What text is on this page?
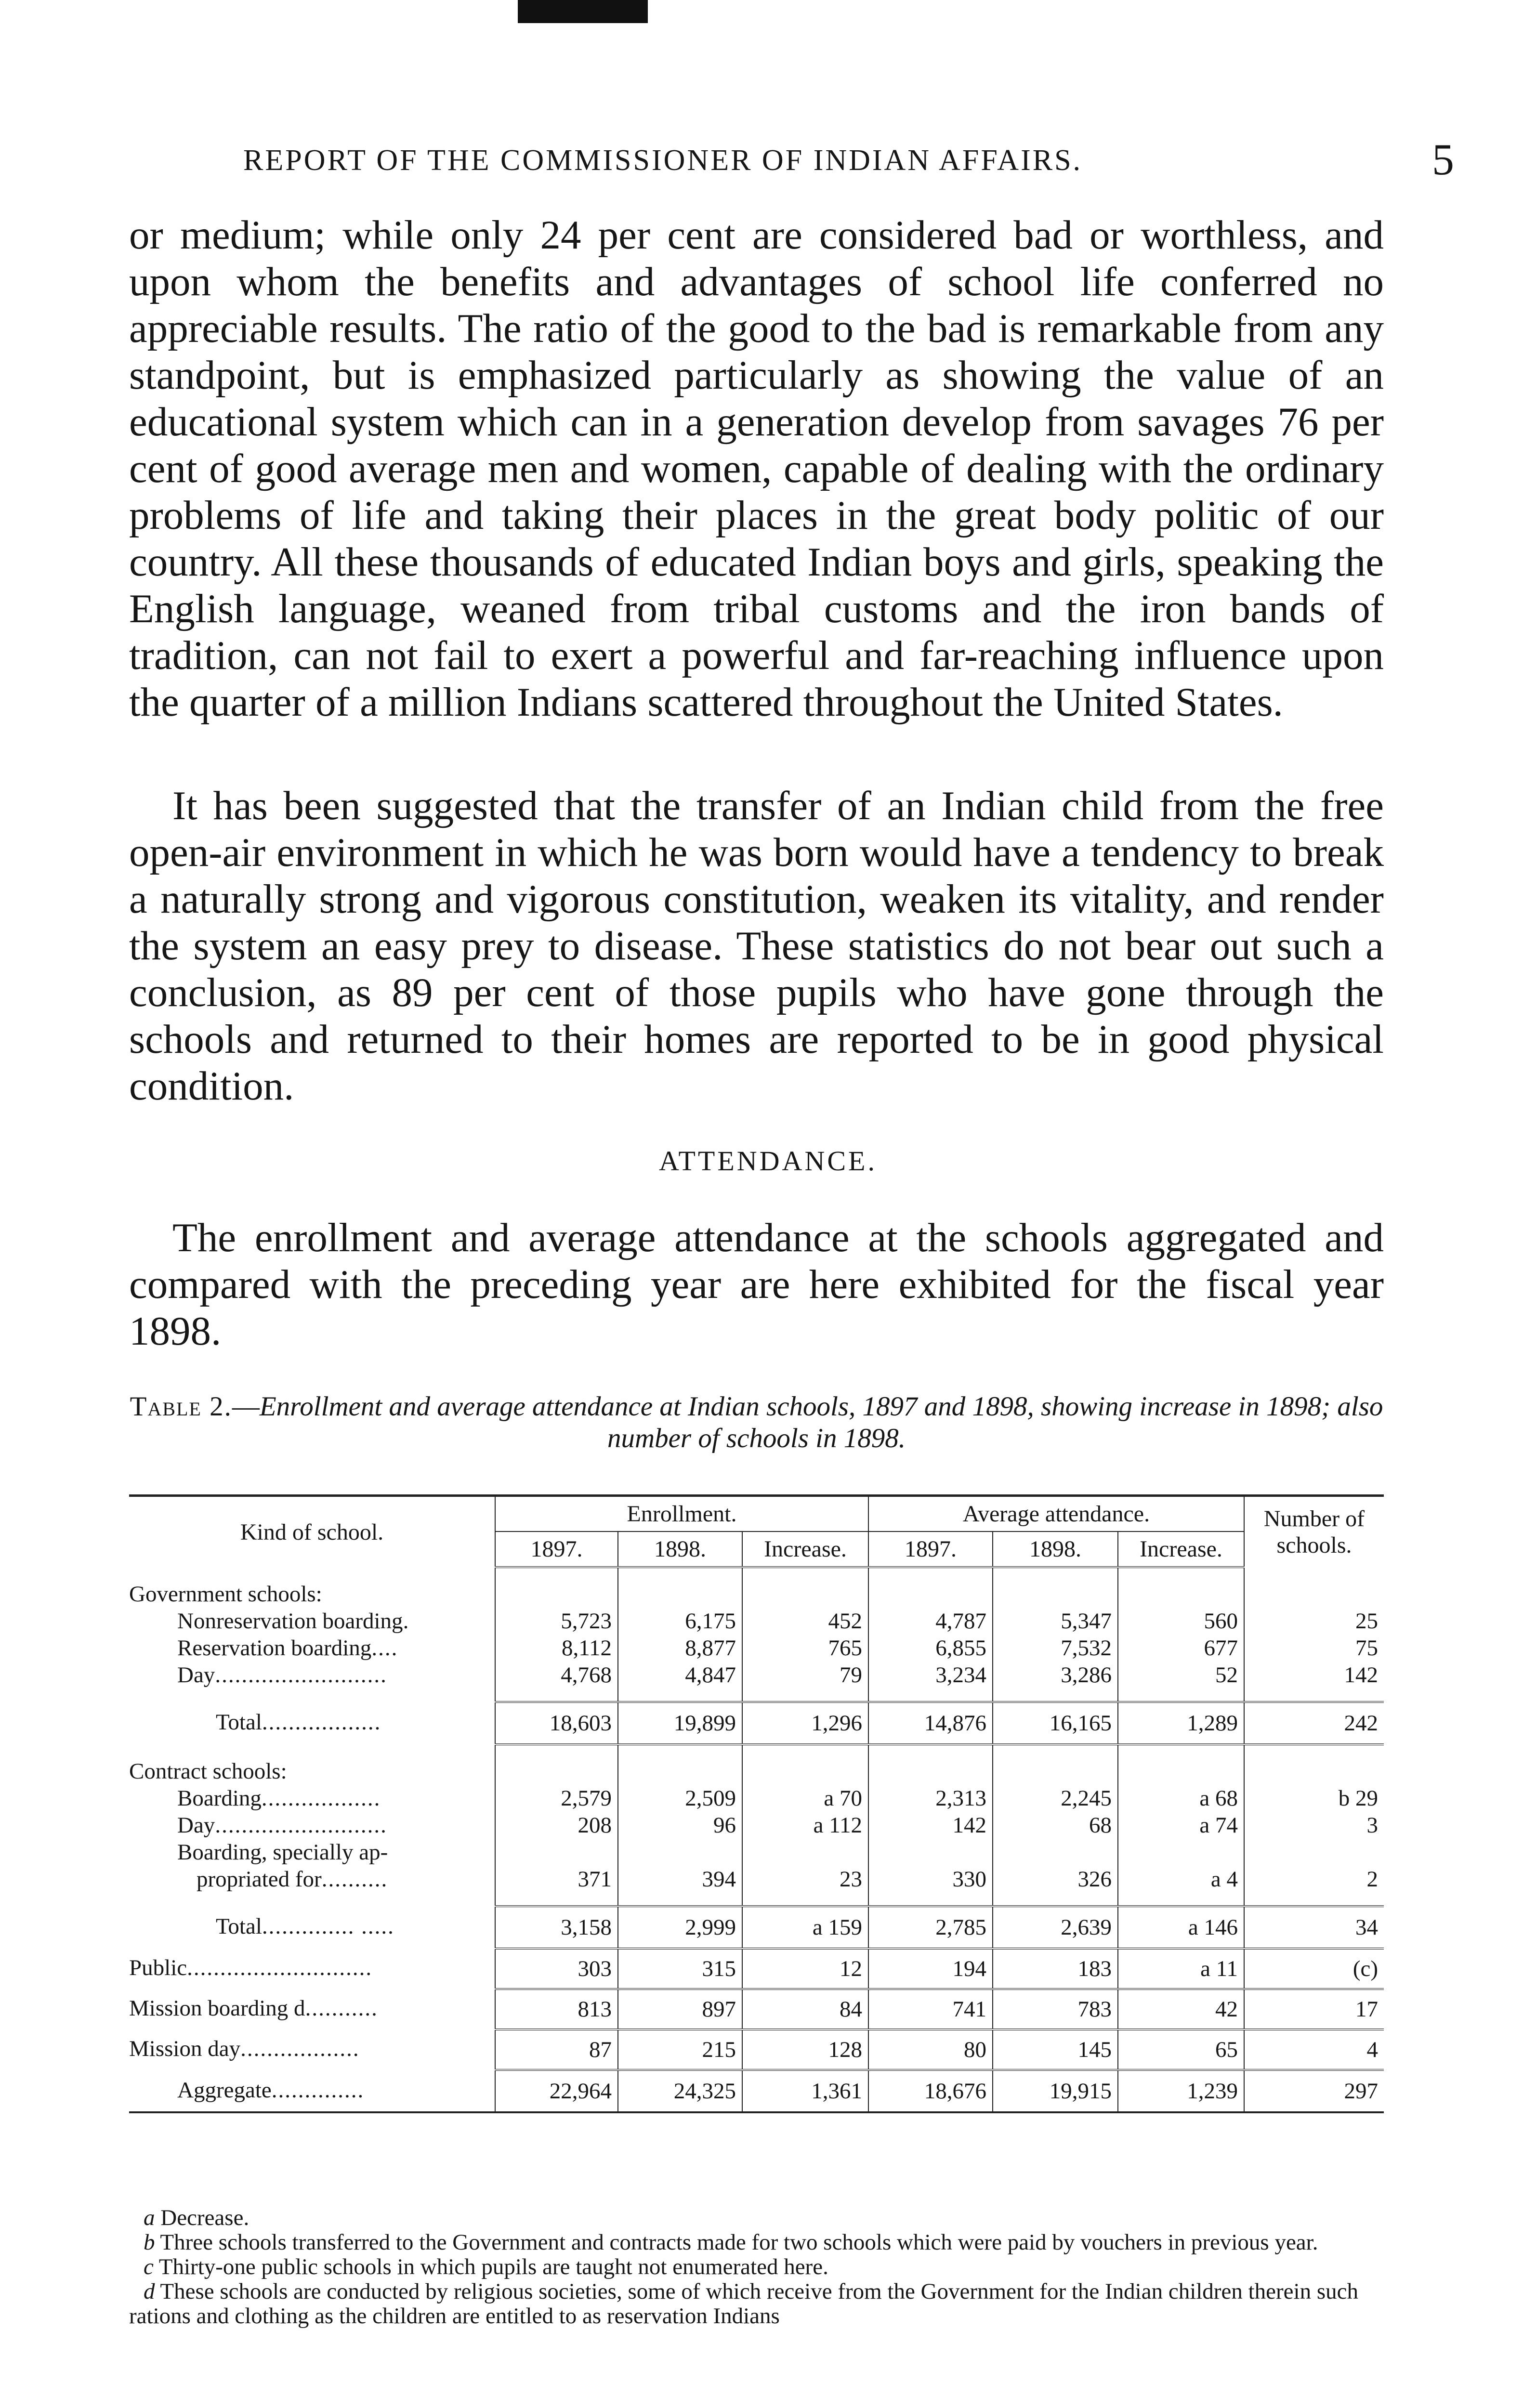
REPORT OF THE COMMISSIONER OF INDIAN AFFAIRS.	5
or medium; while only 24 per cent are considered bad or worthless, and upon whom the benefits and advantages of school life conferred no appreciable results. The ratio of the good to the bad is remarkable from any standpoint, but is emphasized particularly as showing the value of an educational system which can in a generation develop from savages 76 per cent of good average men and women, capable of dealing with the ordinary problems of life and taking their places in the great body politic of our country. All these thousands of educated Indian boys and girls, speaking the English language, weaned from tribal customs and the iron bands of tradition, can not fail to exert a powerful and far-reaching influence upon the quarter of a million Indians scattered throughout the United States.
It has been suggested that the transfer of an Indian child from the free open-air environment in which he was born would have a tendency to break a naturally strong and vigorous constitution, weaken its vitality, and render the system an easy prey to disease. These statistics do not bear out such a conclusion, as 89 per cent of those pupils who have gone through the schools and returned to their homes are reported to be in good physical condition.
ATTENDANCE.
The enrollment and average attendance at the schools aggregated and compared with the preceding year are here exhibited for the fiscal year 1898.
Table 2.—Enrollment and average attendance at Indian schools, 1897 and 1898, showing increase in 1898; also number of schools in 1898.
Kind of school.	Enrollment.			Average attendance.			Number of schools.
	1897.	1898.	Increase.	1897.	1898.	Increase.	

Government schools:							
Nonreservation boarding.	5,723	6,175	452	4,787	5,347	560	25
Reservation boarding....	8,112	8,877	765	6,855	7,532	677	75
Day..........................	4,768	4,847	79	3,234	3,286	52	142

Total..................	18,603	19,899	1,296	14,876	16,165	1,289	242

Contract schools:							
Boarding..................	2,579	2,509	a 70	2,313	2,245	a 68	b 29
Day..........................	208	96	a 112	142	68	a 74	3
Boarding, specially ap-							
propriated for..........	371	394	23	330	326	a 4	2

Total.............. .....	3,158	2,999	a 159	2,785	2,639	a 146	34
Public............................	303	315	12	194	183	a 11	(c)
Mission boarding d...........	813	897	84	741	783	42	17
Mission day..................	87	215	128	80	145	65	4
Aggregate..............	22,964	24,325	1,361	18,676	19,915	1,239	297

a Decrease.

b Three schools transferred to the Government and contracts made for two schools which were paid by vouchers in previous year.

c Thirty-one public schools in which pupils are taught not enumerated here.

d These schools are conducted by religious societies, some of which receive from the Government for the Indian children therein such rations and clothing as the children are entitled to as reservation Indians
